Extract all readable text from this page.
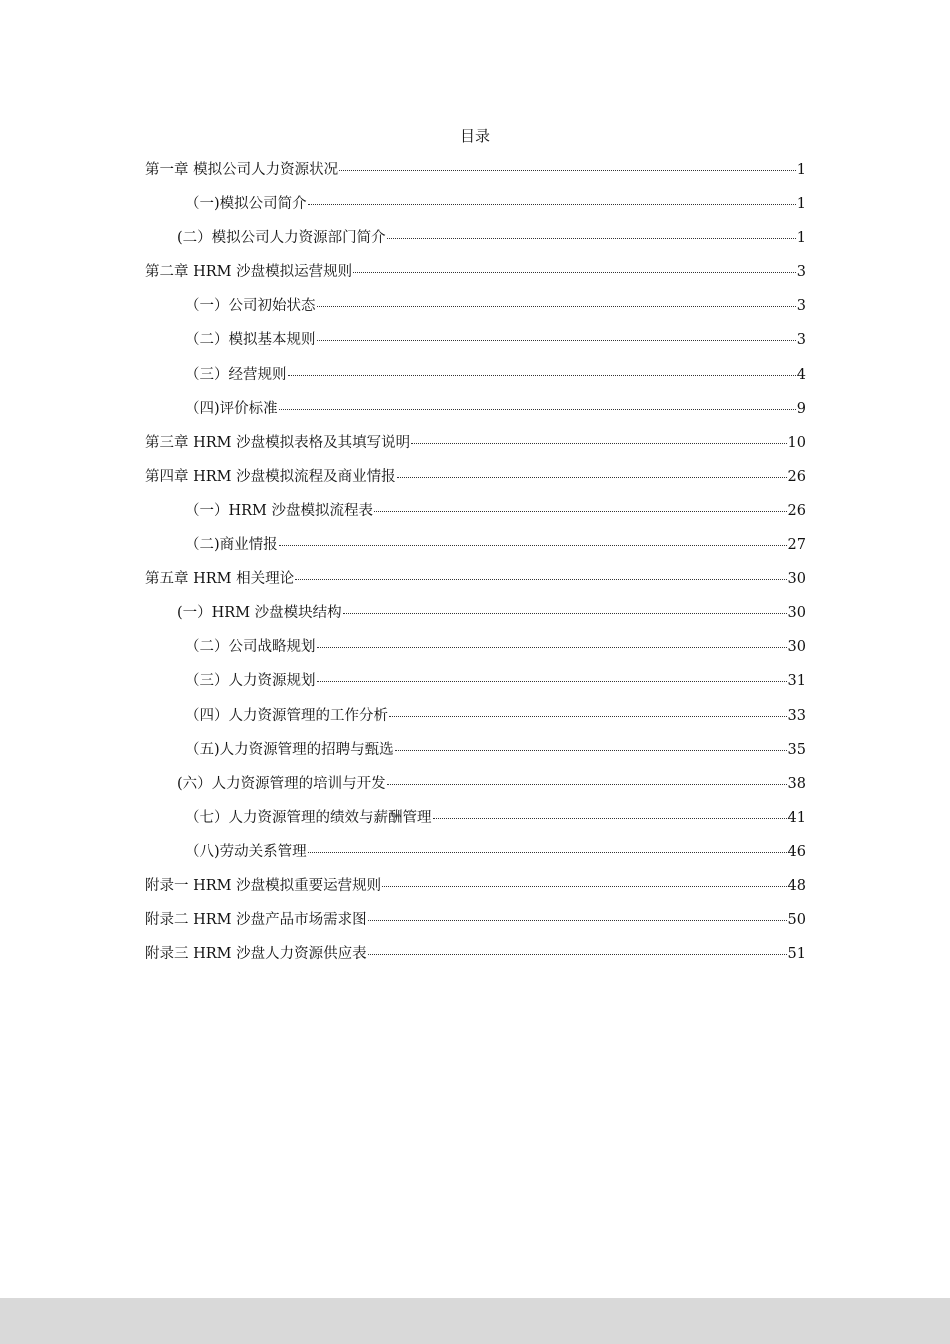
目录
第一章 模拟公司人力资源状况	1
（一)模拟公司简介	1
(二）模拟公司人力资源部门简介	1
第二章 HRM 沙盘模拟运营规则	3
（一）公司初始状态	3
（二）模拟基本规则	3
（三）经营规则	4
（四)评价标准	9
第三章 HRM 沙盘模拟表格及其填写说明	10
第四章 HRM 沙盘模拟流程及商业情报	26
（一）HRM 沙盘模拟流程表	26
（二)商业情报	27
第五章 HRM 相关理论	30
(一）HRM 沙盘模块结构	30
（二）公司战略规划	30
（三）人力资源规划	31
（四）人力资源管理的工作分析	33
（五)人力资源管理的招聘与甄选	35
(六）人力资源管理的培训与开发	38
（七）人力资源管理的绩效与薪酬管理	41
（八)劳动关系管理	46
附录一 HRM 沙盘模拟重要运营规则	48
附录二 HRM 沙盘产品市场需求图	50
附录三 HRM 沙盘人力资源供应表	51
